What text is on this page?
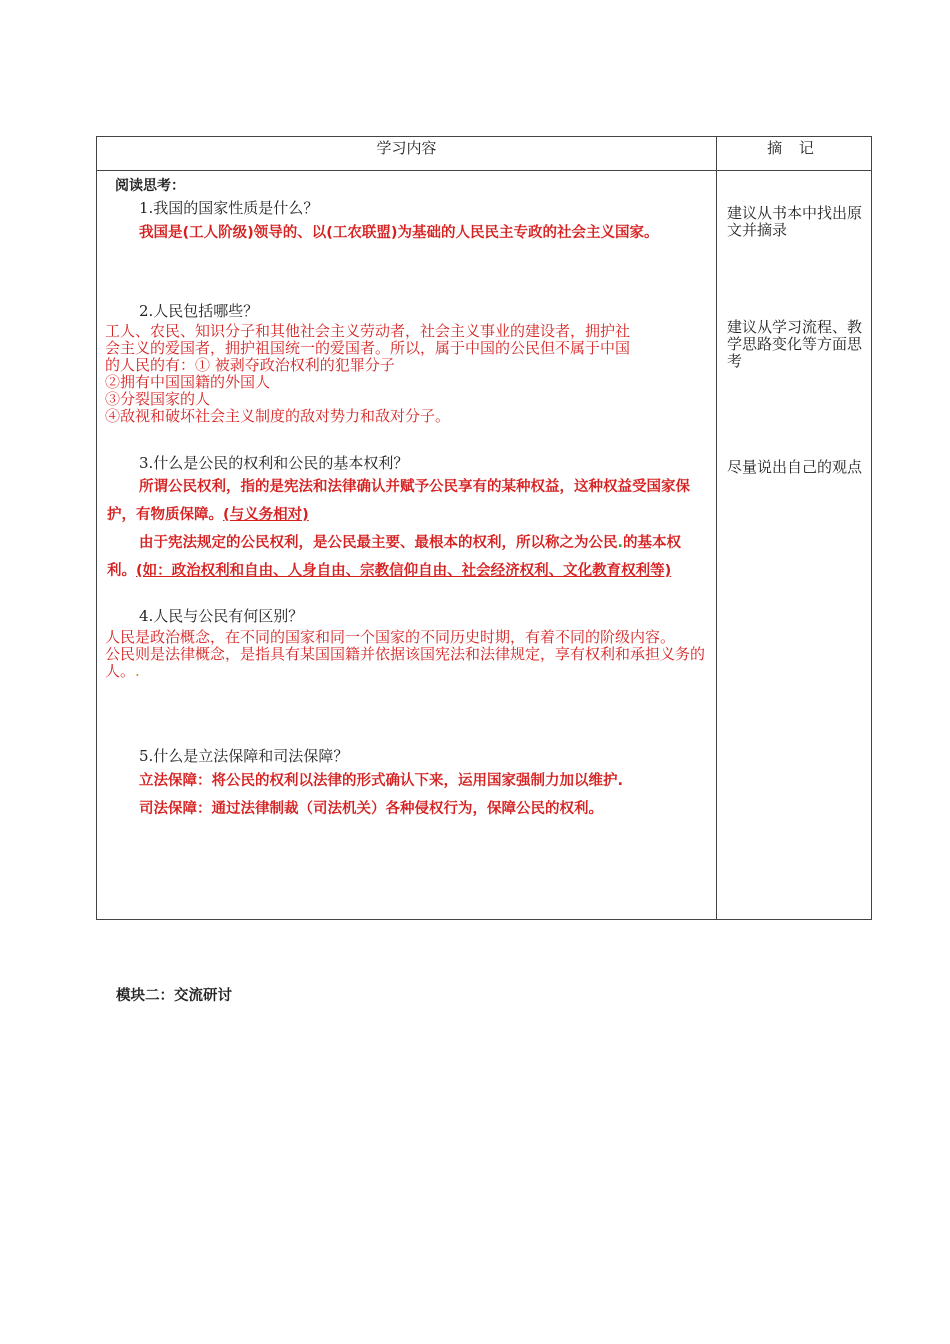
学习内容	摘 记
阅读思考：
1.我国的国家性质是什么？
我国是(工人阶级)领导的、以(工农联盟)为基础的人民民主专政的社会主义国家。
2.人民包括哪些？
工人、农民、知识分子和其他社会主义劳动者，社会主义事业的建设者，拥护社
会主义的爱国者，拥护祖国统一的爱国者。所以，属于中国的公民但不属于中国
的人民的有：① 被剥夺政治权利的犯罪分子
②拥有中国国籍的外国人
③分裂国家的人
④敌视和破坏社会主义制度的敌对势力和敌对分子。
3.什么是公民的权利和公民的基本权利？
所谓公民权利，指的是宪法和法律确认并赋予公民享有的某种权益，这种权益受国家保护，有物质保障。(与义务相对)
由于宪法规定的公民权利，是公民最主要、最根本的权利，所以称之为公民.的基本权利。(如：政治权利和自由、人身自由、宗教信仰自由、社会经济权利、文化教育权利等)
4.人民与公民有何区别？
人民是政治概念，在不同的国家和同一个国家的不同历史时期，有着不同的阶级内容。
公民则是法律概念，是指具有某国国籍并依据该国宪法和法律规定，享有权利和承担义务的人。.
5.什么是立法保障和司法保障？
立法保障：将公民的权利以法律的形式确认下来，运用国家强制力加以维护.
司法保障：通过法律制裁（司法机关）各种侵权行为，保障公民的权利。
建议从书本中找出原文并摘录
建议从学习流程、教学思路变化等方面思考
尽量说出自己的观点
模块二：交流研讨
